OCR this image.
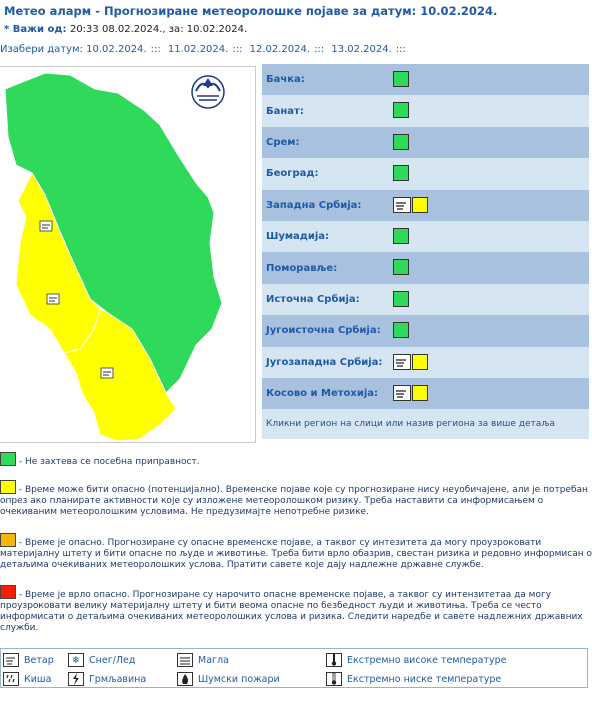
Метео аларм - Прогнозиране метеоролошке појаве за датум: 10.02.2024.
* Важи од: 20:33 08.02.2024., за: 10.02.2024.
Изабери датум: 10.02.2024. ::: 11.02.2024. ::: 12.02.2024. ::: 13.02.2024. :::
Бачка:
Банат:
Срем:
Београд:
Западна Србија:
Шумадија:
Поморавље:
Источна Србија:
Југоисточна Србија:
Југозападна Србија:
Косово и Метохија:
Кликни регион на слици или назив региона за више детаља
- Не захтева се посебна приправност.
- Време може бити опасно (потенцијално). Временске појаве које су прогнозиране нису неуобичајене, али је потребан опрез ако планирате активности које су изложене метеоролошком ризику. Треба наставити са информисањем о очекиваним метеоролошким условима. Не предузимајте непотребне ризике.
- Време је опасно. Прогнозиране су опасне временске појаве, а таквог су интезитета да могу проузроковати материјалну штету и бити опасне по људе и животиње. Треба бити врло обазрив, свестан ризика и редовно информисан о детаљима очекиваних метеоролошких услова. Пратити савете које дају надлежне државне службе.
- Време је врло опасно. Прогнозиране су нарочито опасне временске појаве, а таквог су интензитетаа да могу проузроковати велику материјалну штету и бити веома опасне по безбедност људи и животиња. Треба се често информисати о детаљима очекиваних метеоролошких услова и ризика. Следити наредбе и савете надлежних државних служби.
Ветар	❄ Снег/Лед	Магла	Екстремно високе температуре
Киша	Грмљавина	Шумски пожари	Екстремно ниске температуре
